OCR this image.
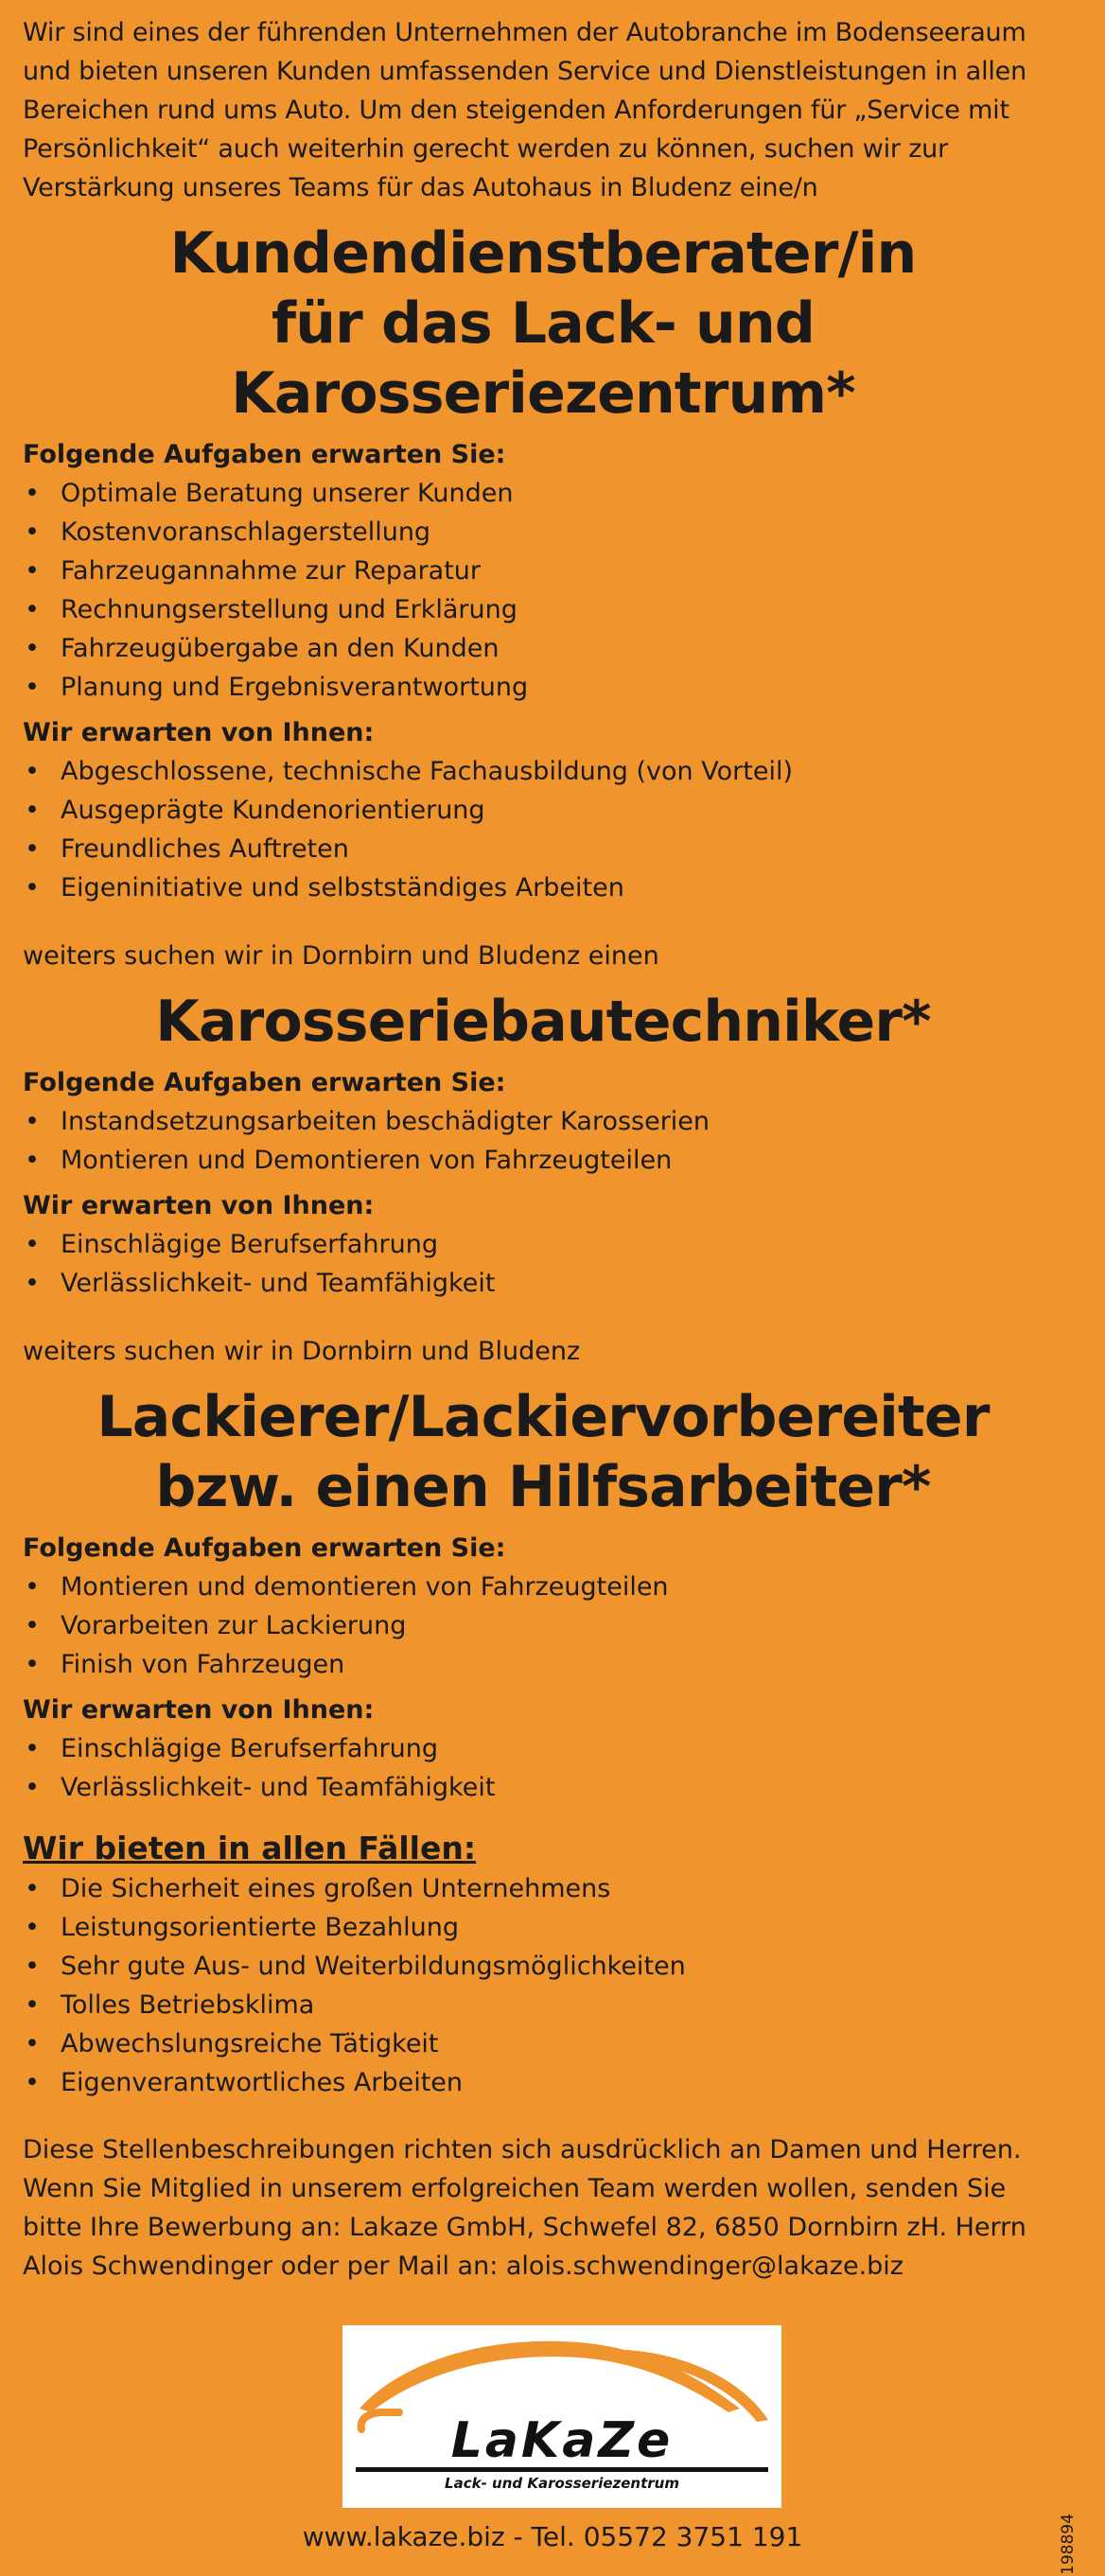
Wir sind eines der führenden Unternehmen der Autobranche im Bodenseeraum und bieten unseren Kunden umfassenden Service und Dienstleistungen in allen Bereichen rund ums Auto. Um den steigenden Anforderungen für „Service mit Persönlichkeit“ auch weiterhin gerecht werden zu können, suchen wir zur Verstärkung unseres Teams für das Autohaus in Bludenz eine/n

Kundendienstberater/in
für das Lack- und Karosseriezentrum*

Folgende Aufgaben erwarten Sie:

• Optimale Beratung unserer Kunden
• Kostenvoranschlagerstellung
• Fahrzeugannahme zur Reparatur
• Rechnungserstellung und Erklärung
• Fahrzeugübergabe an den Kunden
• Planung und Ergebnisverantwortung

Wir erwarten von Ihnen:

• Abgeschlossene, technische Fachausbildung (von Vorteil)
• Ausgeprägte Kundenorientierung
• Freundliches Auftreten
• Eigeninitiative und selbstständiges Arbeiten

weiters suchen wir in Dornbirn und Bludenz einen

Karosseriebautechniker*

Folgende Aufgaben erwarten Sie:

• Instandsetzungsarbeiten beschädigter Karosserien
• Montieren und Demontieren von Fahrzeugteilen

Wir erwarten von Ihnen:

• Einschlägige Berufserfahrung
• Verlässlichkeit- und Teamfähigkeit

weiters suchen wir in Dornbirn und Bludenz

Lackierer/Lackiervorbereiter
bzw. einen Hilfsarbeiter*

Folgende Aufgaben erwarten Sie:

• Montieren und demontieren von Fahrzeugteilen
• Vorarbeiten zur Lackierung
• Finish von Fahrzeugen

Wir erwarten von Ihnen:

• Einschlägige Berufserfahrung
• Verlässlichkeit- und Teamfähigkeit

Wir bieten in allen Fällen:

• Die Sicherheit eines großen Unternehmens
• Leistungsorientierte Bezahlung
• Sehr gute Aus- und Weiterbildungsmöglichkeiten
• Tolles Betriebsklima
• Abwechslungsreiche Tätigkeit
• Eigenverantwortliches Arbeiten

Diese Stellenbeschreibungen richten sich ausdrücklich an Damen und Herren. Wenn Sie Mitglied in unserem erfolgreichen Team werden wollen, senden Sie bitte Ihre Bewerbung an: Lakaze GmbH, Schwefel 82, 6850 Dornbirn zH. Herrn Alois Schwendinger oder per Mail an: alois.schwendinger@lakaze.biz

LaKaZe
Lack- und Karosseriezentrum
www.lakaze.biz - Tel. 05572 3751 191	198894
